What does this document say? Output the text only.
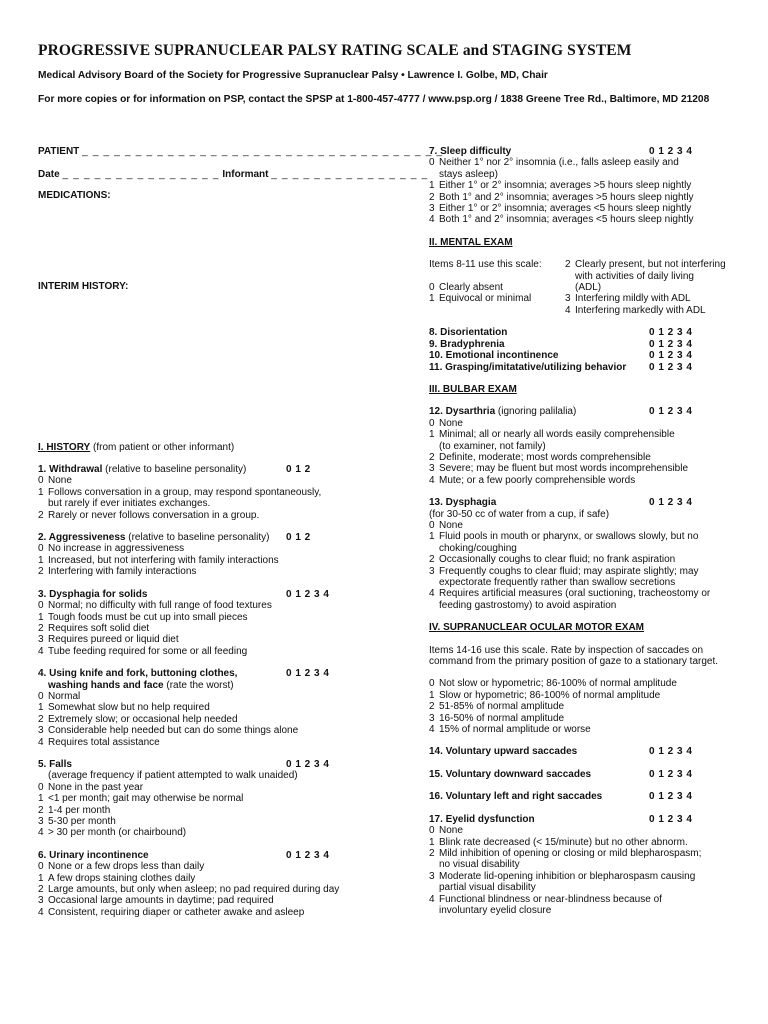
PROGRESSIVE SUPRANUCLEAR PALSY RATING SCALE and STAGING SYSTEM
Medical Advisory Board of the Society for Progressive Supranuclear Palsy • Lawrence I. Golbe, MD, Chair
For more copies or for information on PSP, contact the SPSP at 1-800-457-4777 / www.psp.org / 1838 Greene Tree Rd., Baltimore, MD 21208
PATIENT _ _ _ _ _ _ _ _ _ _ _ _ _ _ _ _ _ _ _ _ _ _ _ _ _ _ _ _ _ _ _ _ _ _
Date _ _ _ _ _ _ _ _ _ _ _ _ _ _ _ Informant _ _ _ _ _ _ _ _ _ _ _ _ _ _ _
MEDICATIONS:
INTERIM HISTORY:
I. HISTORY (from patient or other informant)
1. Withdrawal (relative to baseline personality)	0 1 2
0 None
1 Follows conversation in a group, may respond spontaneously,
but rarely if ever initiates exchanges.
2 Rarely or never follows conversation in a group.
2. Aggressiveness (relative to baseline personality)	0 1 2
0 No increase in aggressiveness
1 Increased, but not interfering with family interactions
2 Interfering with family interactions
3. Dysphagia for solids	0 1 2 3 4
0 Normal; no difficulty with full range of food textures
1 Tough foods must be cut up into small pieces
2 Requires soft solid diet
3 Requires pureed or liquid diet
4 Tube feeding required for some or all feeding
4. Using knife and fork, buttoning clothes,	0 1 2 3 4
washing hands and face (rate the worst)
0 Normal
1 Somewhat slow but no help required
2 Extremely slow; or occasional help needed
3 Considerable help needed but can do some things alone
4 Requires total assistance
5. Falls	0 1 2 3 4
(average frequency if patient attempted to walk unaided)
0 None in the past year
1 <1 per month; gait may otherwise be normal
2 1-4 per month
3 5-30 per month
4 > 30 per month (or chairbound)
6. Urinary incontinence	0 1 2 3 4
0 None or a few drops less than daily
1 A few drops staining clothes daily
2 Large amounts, but only when asleep; no pad required during day
3 Occasional large amounts in daytime; pad required
4 Consistent, requiring diaper or catheter awake and asleep
7. Sleep difficulty	0 1 2 3 4
0 Neither 1° nor 2° insomnia (i.e., falls asleep easily and
stays asleep)
1 Either 1° or 2° insomnia; averages >5 hours sleep nightly
2 Both 1° and 2° insomnia; averages >5 hours sleep nightly
3 Either 1° or 2° insomnia; averages <5 hours sleep nightly
4 Both 1° and 2° insomnia; averages <5 hours sleep nightly
II. MENTAL EXAM
Items 8-11 use this scale:

0 Clearly absent
1 Equivocal or minimal
2 Clearly present, but not interfering
with activities of daily living
(ADL)
3 Interfering mildly with ADL
4 Interfering markedly with ADL
8. Disorientation	0 1 2 3 4
9. Bradyphrenia	0 1 2 3 4
10. Emotional incontinence	0 1 2 3 4
11. Grasping/imitatative/utilizing behavior	0 1 2 3 4
III. BULBAR EXAM
12. Dysarthria (ignoring palilalia)	0 1 2 3 4
0 None
1 Minimal; all or nearly all words easily comprehensible
(to examiner, not family)
2 Definite, moderate; most words comprehensible
3 Severe; may be fluent but most words incomprehensible
4 Mute; or a few poorly comprehensible words
13. Dysphagia	0 1 2 3 4
(for 30-50 cc of water from a cup, if safe)
0 None
1 Fluid pools in mouth or pharynx, or swallows slowly, but no
choking/coughing
2 Occasionally coughs to clear fluid; no frank aspiration
3 Frequently coughs to clear fluid; may aspirate slightly; may
expectorate frequently rather than swallow secretions
4 Requires artificial measures (oral suctioning, tracheostomy or
feeding gastrostomy) to avoid aspiration
IV. SUPRANUCLEAR OCULAR MOTOR EXAM
Items 14-16 use this scale. Rate by inspection of saccades on
command from the primary position of gaze to a stationary target.
0 Not slow or hypometric; 86-100% of normal amplitude
1 Slow or hypometric; 86-100% of normal amplitude
2 51-85% of normal amplitude
3 16-50% of normal amplitude
4 15% of normal amplitude or worse
14. Voluntary upward saccades	0 1 2 3 4
15. Voluntary downward saccades	0 1 2 3 4
16. Voluntary left and right saccades	0 1 2 3 4
17. Eyelid dysfunction	0 1 2 3 4
0 None
1 Blink rate decreased (< 15/minute) but no other abnorm.
2 Mild inhibition of opening or closing or mild blepharospasm;
no visual disability
3 Moderate lid-opening inhibition or blepharospasm causing
partial visual disability
4 Functional blindness or near-blindness because of
involuntary eyelid closure
